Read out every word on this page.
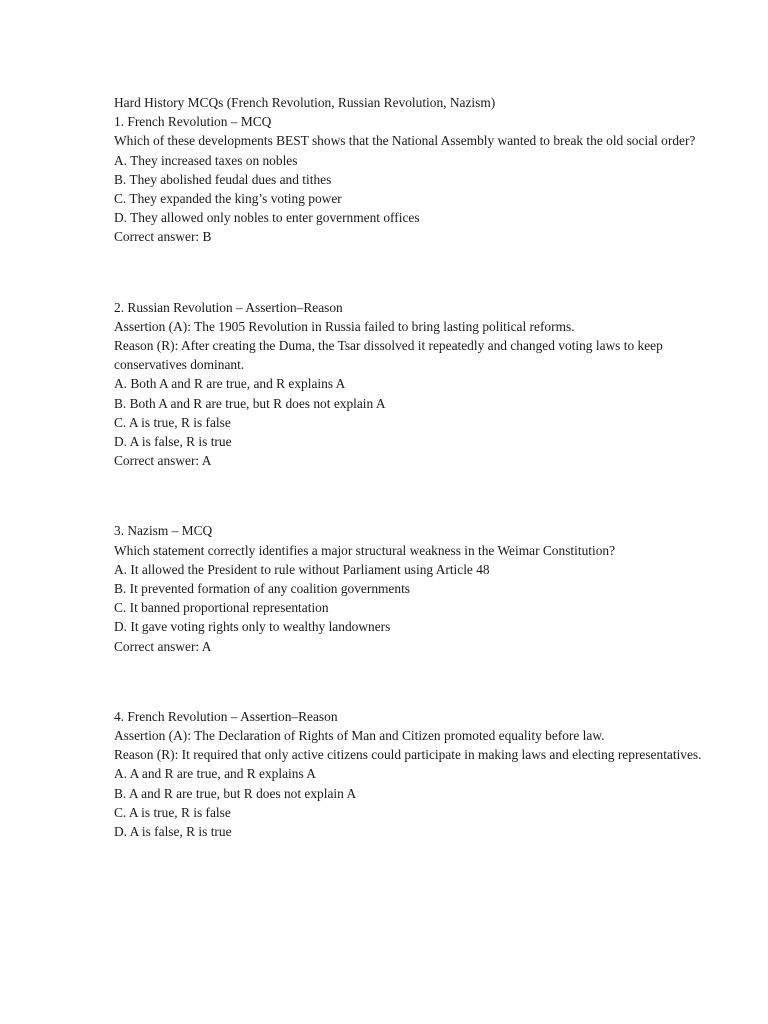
Hard History MCQs (French Revolution, Russian Revolution, Nazism)

1. French Revolution – MCQ

Which of these developments BEST shows that the National Assembly wanted to break the old social order?

A. They increased taxes on nobles

B. They abolished feudal dues and tithes

C. They expanded the king’s voting power

D. They allowed only nobles to enter government offices

Correct answer: B

2. Russian Revolution – Assertion–Reason

Assertion (A): The 1905 Revolution in Russia failed to bring lasting political reforms.

Reason (R): After creating the Duma, the Tsar dissolved it repeatedly and changed voting laws to keep conservatives dominant.

A. Both A and R are true, and R explains A

B. Both A and R are true, but R does not explain A

C. A is true, R is false

D. A is false, R is true

Correct answer: A

3. Nazism – MCQ

Which statement correctly identifies a major structural weakness in the Weimar Constitution?

A. It allowed the President to rule without Parliament using Article 48

B. It prevented formation of any coalition governments

C. It banned proportional representation

D. It gave voting rights only to wealthy landowners

Correct answer: A

4. French Revolution – Assertion–Reason

Assertion (A): The Declaration of Rights of Man and Citizen promoted equality before law.

Reason (R): It required that only active citizens could participate in making laws and electing representatives.

A. A and R are true, and R explains A

B. A and R are true, but R does not explain A

C. A is true, R is false

D. A is false, R is true
